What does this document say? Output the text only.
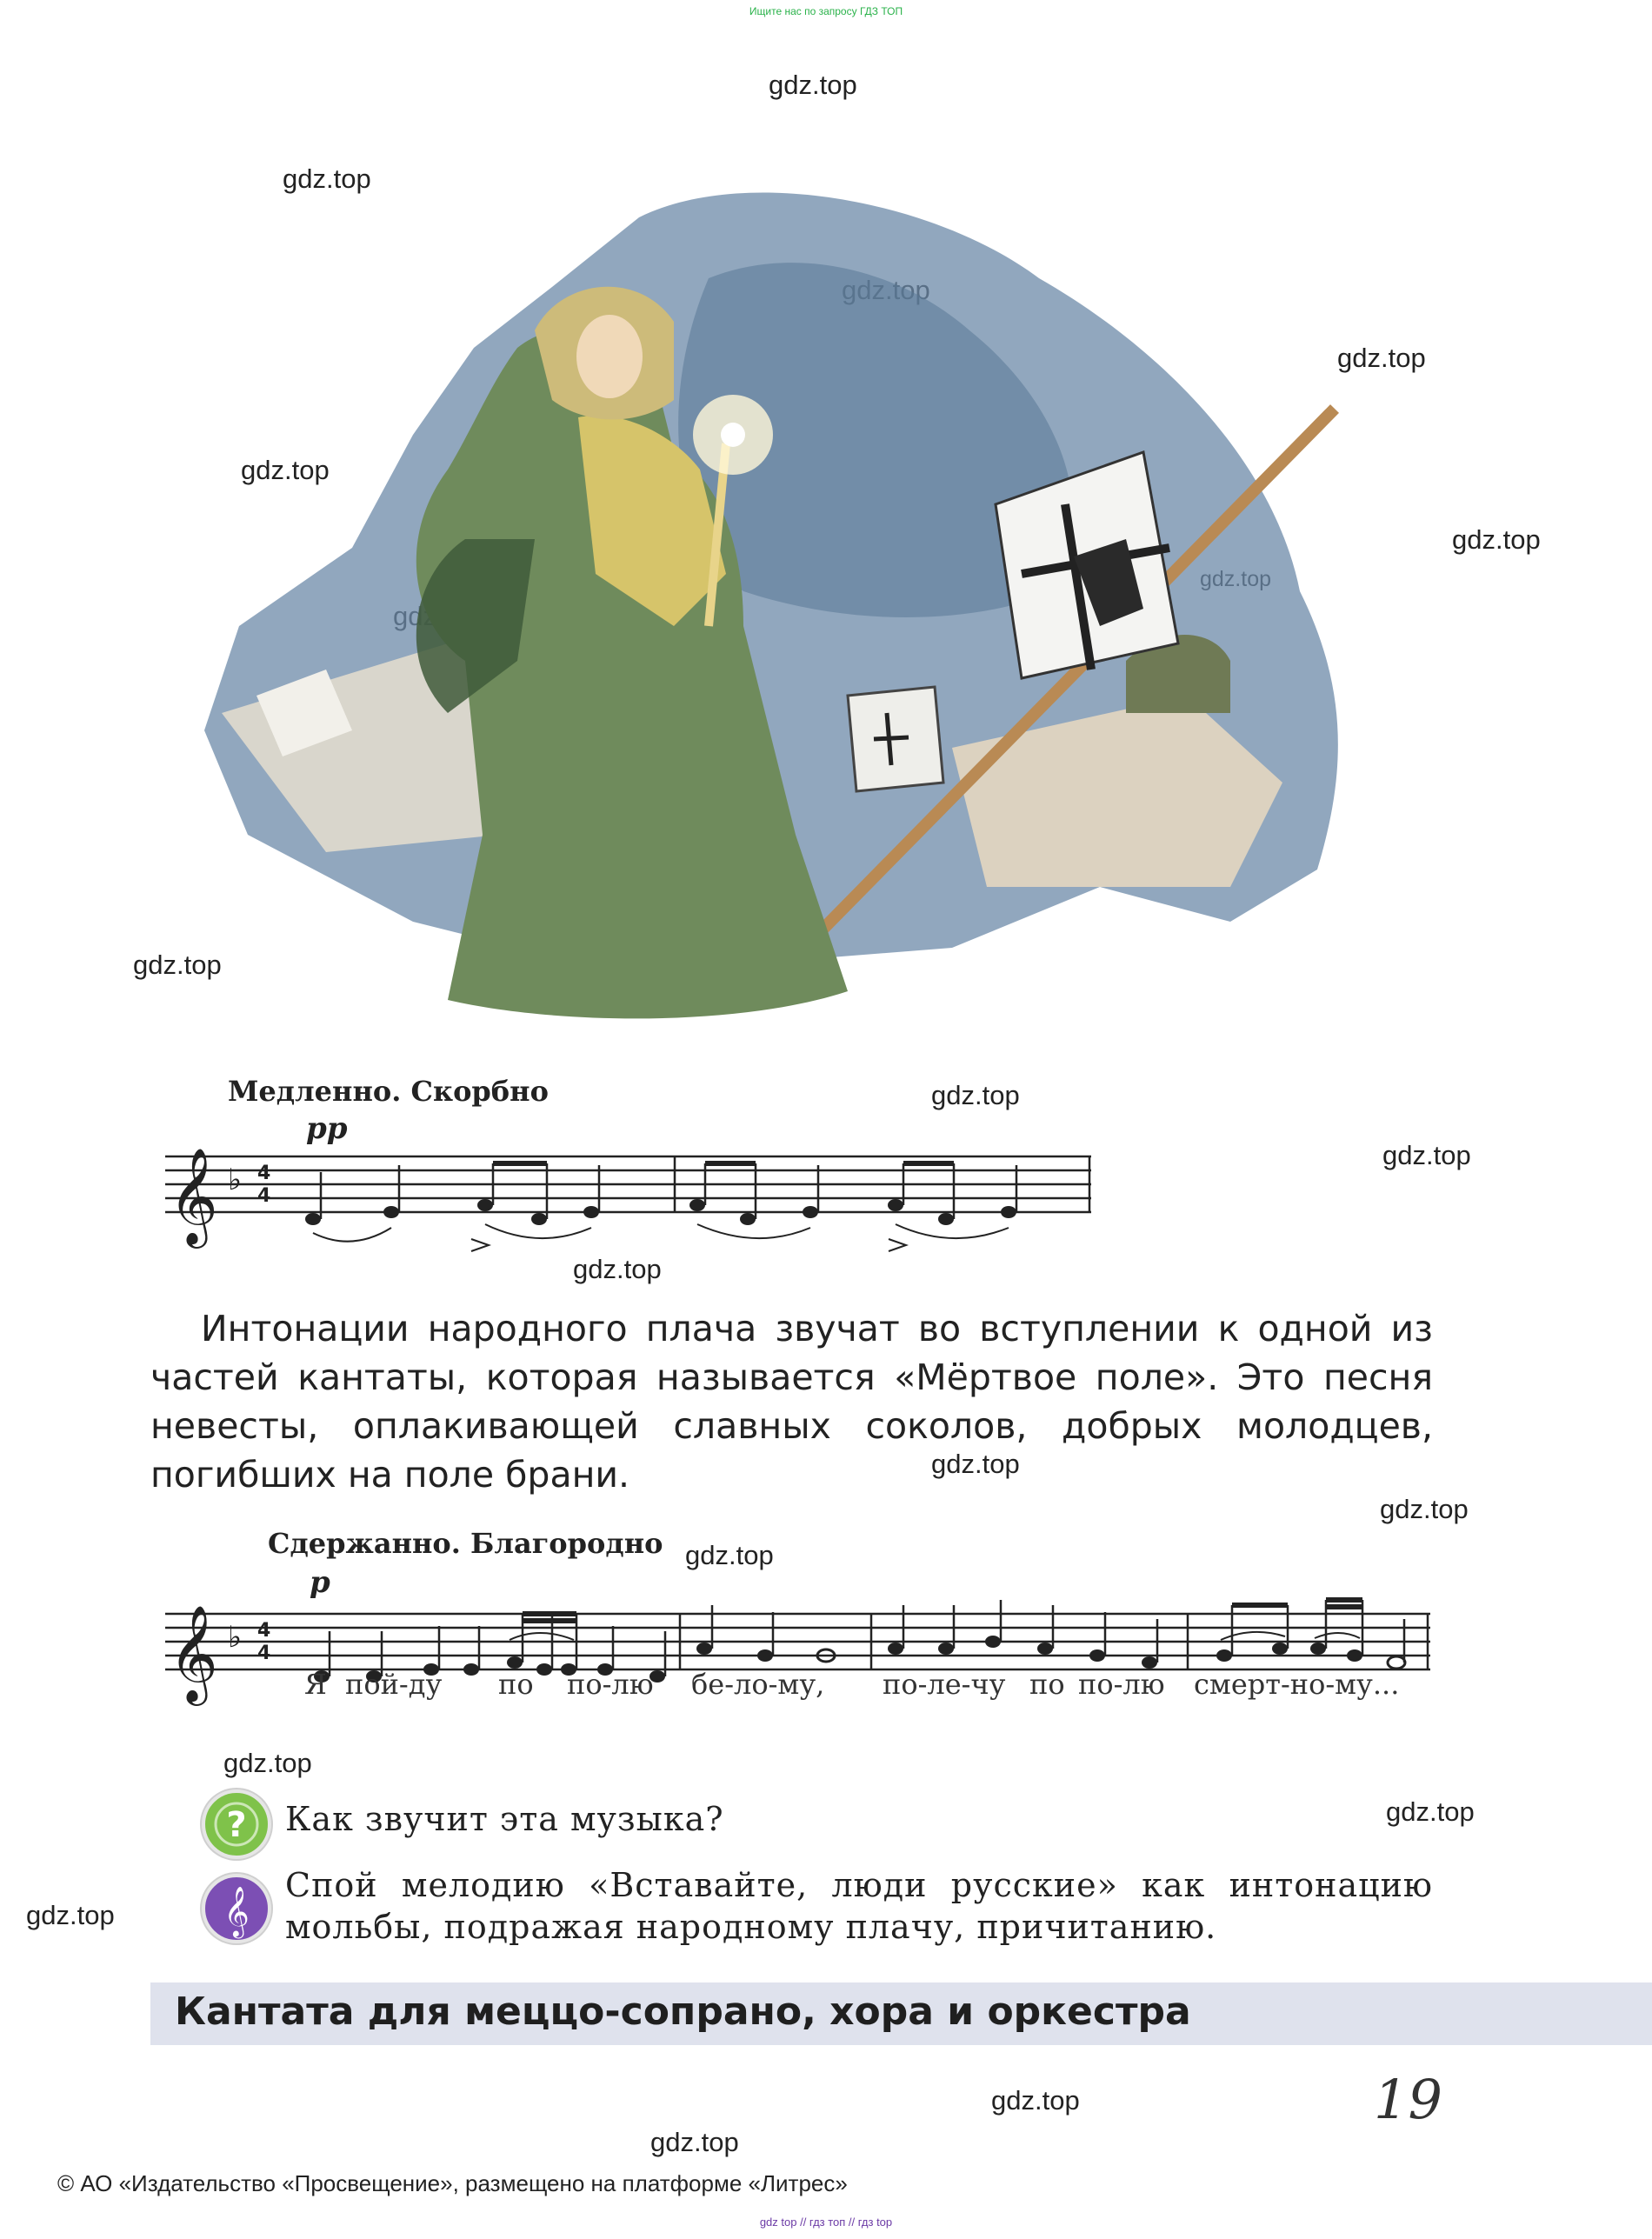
Ищите нас по запросу ГДЗ ТОП
gdz.top
gdz.top
gdz.top
gdz.top
gdz.top
gdz.top
gdz.top
gdz.top
gdz.top
gdz.top
gdz.top
gdz.top
gdz.top
gdz.top
gdz.top
gdz.top
gdz.top
Медленно. Скорбно
pp
𝄞 ♭ 4
4

Интонации народного плача звучат во вступлении к одной из частей кантаты, которая называется «Мёртвое поле». Это песня невесты, оплакивающей славных соколов, добрых молодцев, погибших на поле брани.

Сдержанно. Благородно
p
𝄞 ♭ 4
4
Я пой-ду по по-лю бе-ло-му, по-ле-чу по по-лю смерт-но-му...
? Как звучит эта музыка?
𝄞
Спой мелодию «Вставайте, люди русские» как интонацию мольбы, подражая народному плачу, причитанию.
Кантата для меццо-сопрано, хора и оркестра
19
© АО «Издательство «Просвещение», размещено на платформе «Литрес»
gdz top // гдз топ // гдз top
